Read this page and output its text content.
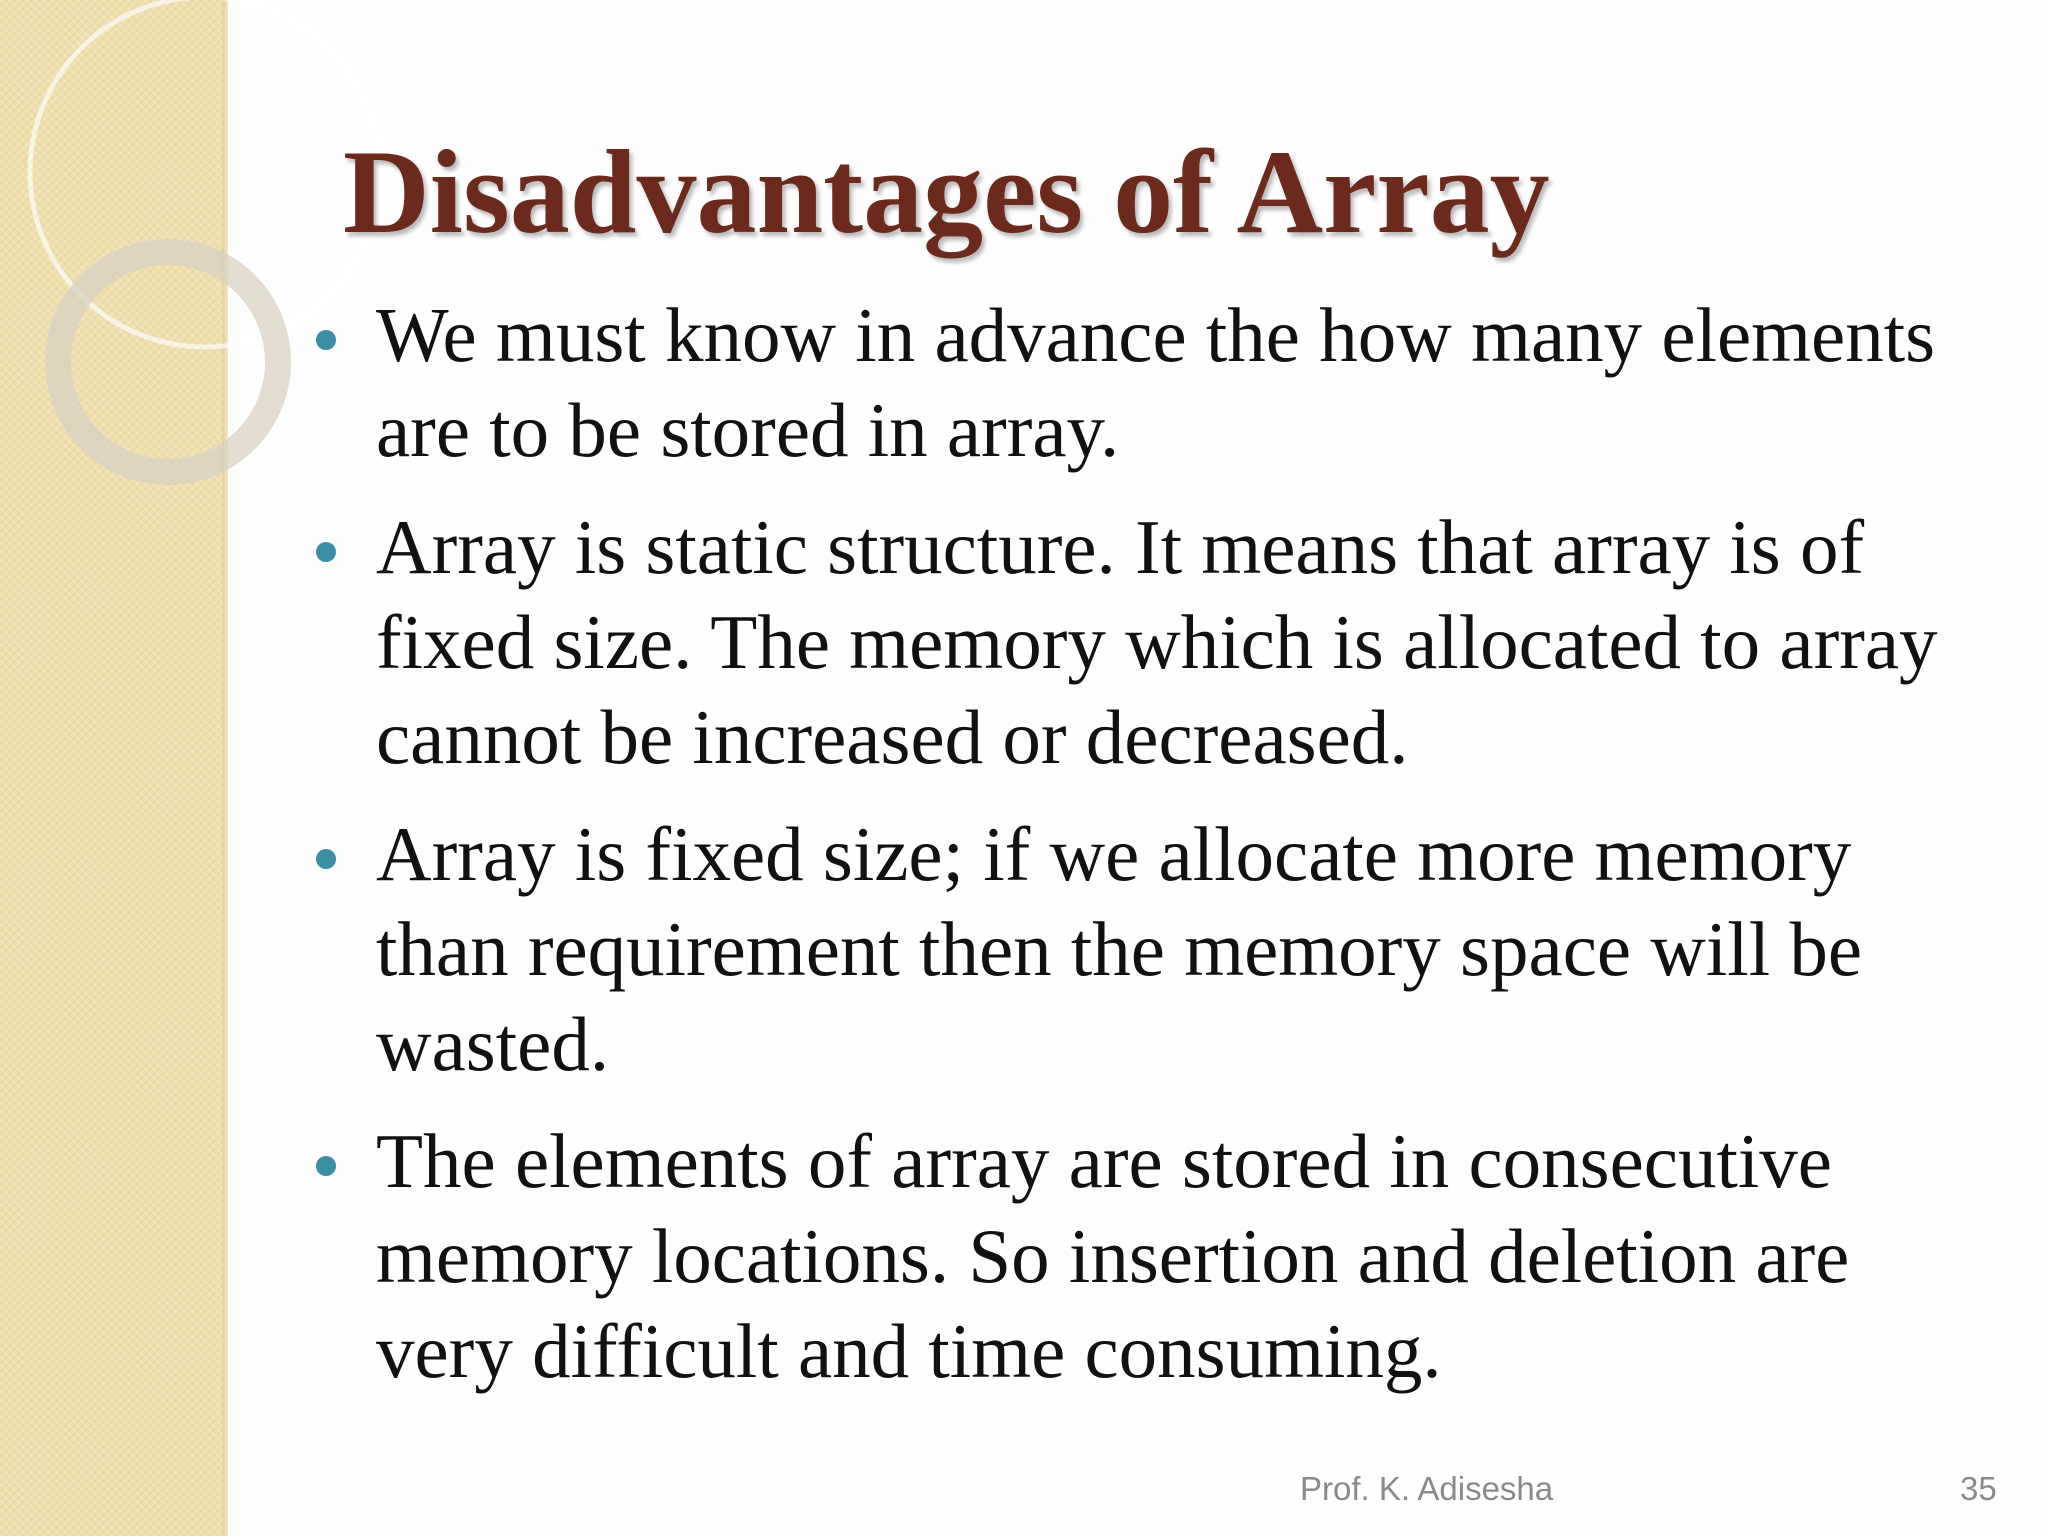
Disadvantages of Array
We must know in advance the how many elements are to be stored in array.
Array is static structure. It means that array is of fixed size. The memory which is allocated to array cannot be increased or decreased.
Array is fixed size; if we allocate more memory than requirement then the memory space will be wasted.
The elements of array are stored in consecutive memory locations. So insertion and deletion are very difficult and time consuming.
Prof. K. Adisesha	35
